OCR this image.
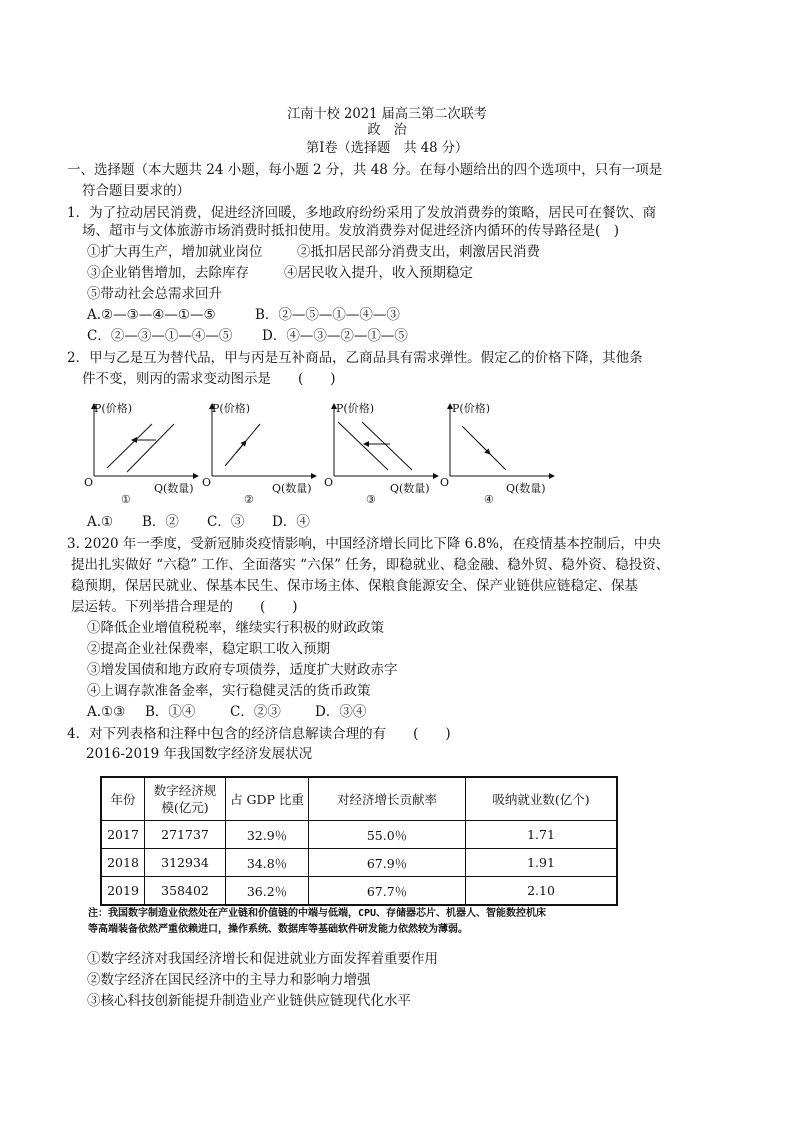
江南十校 2021 届高三第二次联考
政　治
第Ⅰ卷（选择题　共 48 分）
一、选择题（本大题共 24 小题，每小题 2 分，共 48 分。在每小题给出的四个选项中，只有一项是
符合题目要求的）
1．为了拉动居民消费，促进经济回暖，多地政府纷纷采用了发放消费券的策略，居民可在餐饮、商
场、超市与文体旅游市场消费时抵扣使用。发放消费券对促进经济内循环的传导路径是(　)
①扩大再生产，增加就业岗位	②抵扣居民部分消费支出，刺激居民消费
③企业销售增加，去除库存	④居民收入提升，收入预期稳定
⑤带动社会总需求回升
A.②—③—④—①—⑤	B．②—⑤—①—④—③
C．②—③—①—④—⑤ D．④—③—②—①—⑤
2．甲与乙是互为替代品，甲与丙是互补商品，乙商品具有需求弹性。假定乙的价格下降，其他条
件不变，则丙的需求变动图示是　　(　　)
P(价格)
O	Q(数量)
①
P(价格)
O	Q(数量)
②
P(价格)
O	Q(数量)
③
P(价格)
O	Q(数量)
④
A.① B．② C．③ D．④
3. 2020 年一季度，受新冠肺炎疫情影响，中国经济增长同比下降 6.8%，在疫情基本控制后，中央
提出扎实做好 “六稳” 工作、全面落实 “六保” 任务，即稳就业、稳金融、稳外贸、稳外资、稳投资、
稳预期，保居民就业、保基本民生、保市场主体、保粮食能源安全、保产业链供应链稳定、保基
层运转。下列举措合理是的　　(　　)
①降低企业增值税税率，继续实行积极的财政政策
②提高企业社保费率，稳定职工收入预期
③增发国债和地方政府专项债券，适度扩大财政赤字
④上调存款准备金率，实行稳健灵活的货币政策
A.①③ B．①④	C．②③	D．③④
4．对下列表格和注释中包含的经济信息解读合理的有　　(　　)
2016-2019 年我国数字经济发展状况
年份	数字经济规
模(亿元)	占 GDP 比重	对经济增长贡献率	吸纳就业数(亿个)
2017	271737	32.9％	55.0％	1.71
2018	312934	34.8％	67.9％	1.91
2019	358402	36.2％	67.7％	2.10
注：我国数字制造业依然处在产业链和价值链的中端与低端，CPU、存储器芯片、机器人、智能数控机床
等高端装备依然严重依赖进口，操作系统、数据库等基础软件研发能力依然较为薄弱。
①数字经济对我国经济增长和促进就业方面发挥着重要作用
②数字经济在国民经济中的主导力和影响力增强
③核心科技创新能提升制造业产业链供应链现代化水平
